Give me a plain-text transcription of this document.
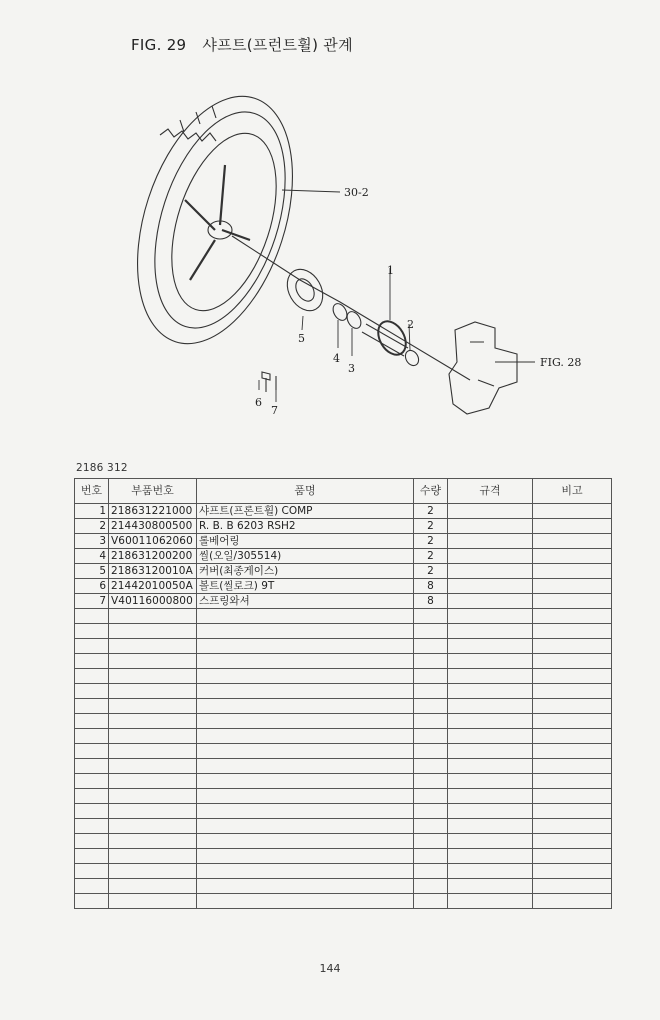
FIG. 29 샤프트(프런트휠) 관계
30-2
1
2
5
4
3
6
7
FIG. 28
2186 312
번호	부품번호	품명	수량	규격	비고
1	218631221000	샤프트(프론트휠) COMP	2		
2	214430800500	R. B. B 6203 RSH2	2		
3	V60011062060	롤베어링	2		
4	218631200200	씰(오일/305514)	2		
5	21863120010A	커버(최종게이스)	2		
6	21442010050A	볼트(씰로크) 9T	8		
7	V40116000800	스프링와셔	8		

144
